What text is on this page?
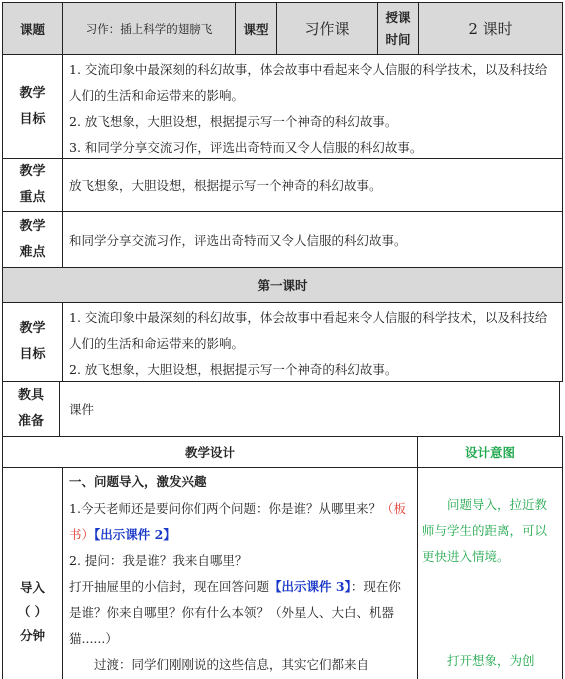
课题	习作：插上科学的翅膀飞 课型 习作课
授课时间
2 课时
教学目标
1. 交流印象中最深刻的科幻故事，体会故事中看起来令人信服的科学技术，以及科技给人们的生活和命运带来的影响。
2. 放飞想象，大胆设想，根据提示写一个神奇的科幻故事。
3. 和同学分享交流习作，评选出奇特而又令人信服的科幻故事。
教学重点
放飞想象，大胆设想，根据提示写一个神奇的科幻故事。
教学难点
和同学分享交流习作，评选出奇特而又令人信服的科幻故事。
第一课时
教学目标
1. 交流印象中最深刻的科幻故事，体会故事中看起来令人信服的科学技术，以及科技给人们的生活和命运带来的影响。
2. 放飞想象，大胆设想，根据提示写一个神奇的科幻故事。
教具准备
课件
教学设计	设计意图
导入
（ ）
分钟
一、问题导入，激发兴趣
1.今天老师还是要问你们两个问题：你是谁？从哪里来？（板书）【出示课件 2】
2. 提问：我是谁？我来自哪里？
打开抽屉里的小信封，现在回答问题【出示课件 3】：现在你是谁？你来自哪里？你有什么本领？（外星人、大白、机器猫......）
过渡：同学们刚刚说的这些信息，其实它们都来自
问题导入，拉近教师与学生的距离，可以更快进入情境。
打开想象，为创
